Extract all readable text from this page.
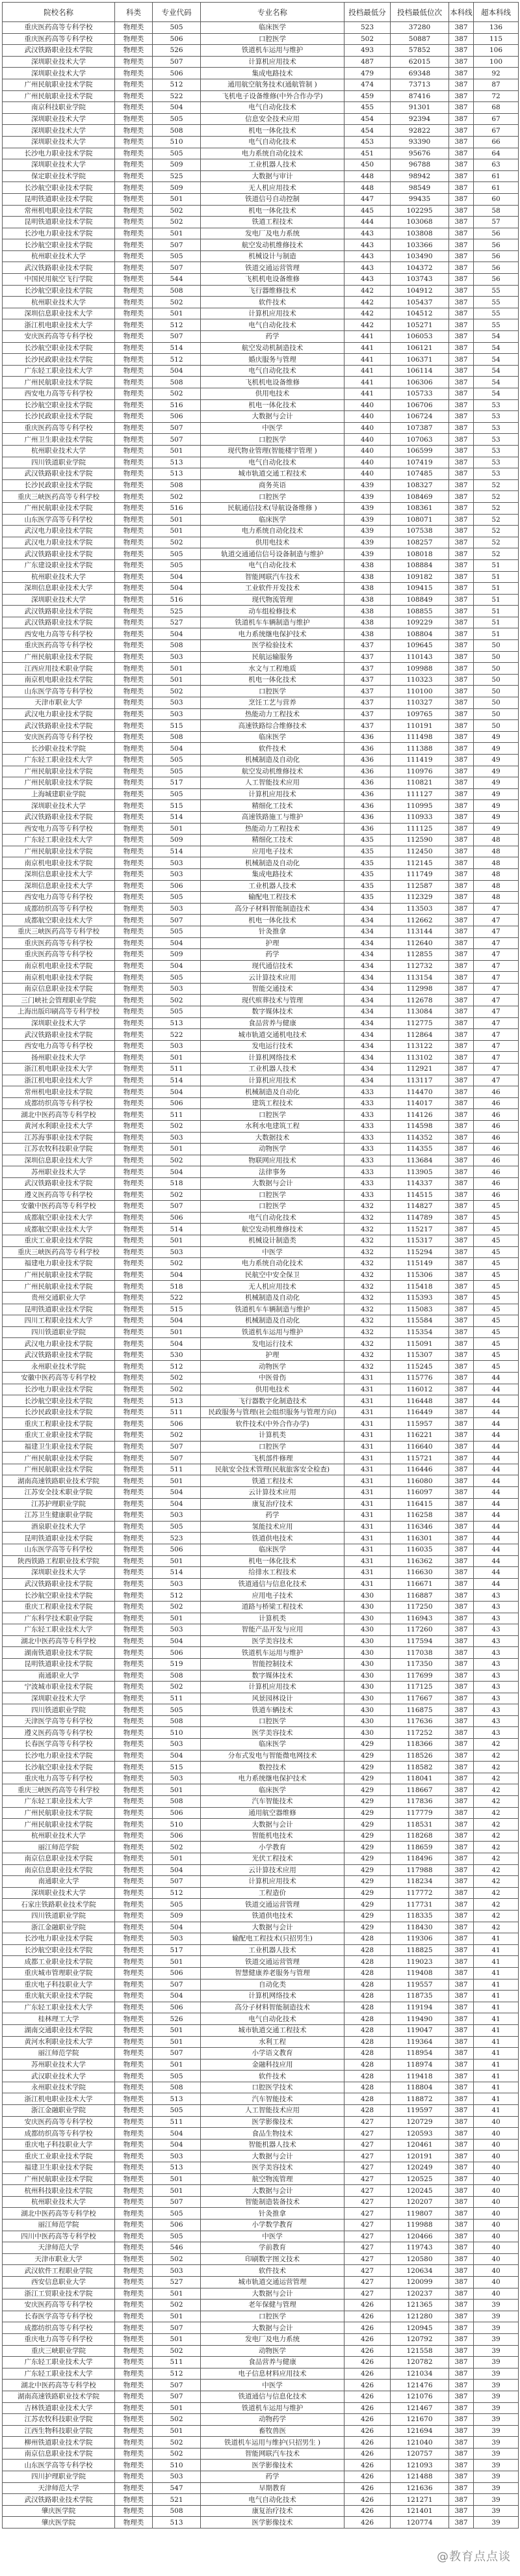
院校名称	科类	专业代码	专业名称	投档最低分	投档最低位次	本科线	超本科线
重庆医药高等专科学校	物理类	505	临床医学	523	37280	387	136
重庆医药高等专科学校	物理类	506	口腔医学	502	50887	387	115
武汉铁路职业技术学院	物理类	526	铁道机车运用与维护	493	57852	387	106
深圳职业技术大学	物理类	507	计算机应用技术	487	62015	387	100
深圳职业技术大学	物理类	506	集成电路技术	479	69348	387	92
广州民航职业技术学院	物理类	512	通用航空航务技术(通航管制 )	474	73713	387	87
广州民航职业技术学院	物理类	522	飞机电子设备维修(中外合作办学)	459	87416	387	72
南京科技职业学院	物理类	504	电气自动化技术	455	91301	387	68
深圳职业技术大学	物理类	505	信息安全技术应用	454	92394	387	67
深圳职业技术大学	物理类	508	机电一体化技术	454	92822	387	67
深圳职业技术大学	物理类	510	电气自动化技术	453	93390	387	66
长沙电力职业技术学院	物理类	505	电力系统自动化技术	451	95676	387	64
深圳职业技术大学	物理类	509	工业机器人技术	450	96788	387	63
保定职业技术学院	物理类	525	大数据与审计	448	98942	387	61
长沙航空职业技术学院	物理类	509	无人机应用技术	448	98549	387	61
昆明铁道职业技术学院	物理类	501	铁道信号自动控制	447	99435	387	60
常州机电职业技术学院	物理类	502	机电一体化技术	445	102295	387	58
昆明铁道职业技术学院	物理类	502	铁道工程技术	444	103068	387	57
长沙电力职业技术学院	物理类	501	发电厂及电力系统	443	103808	387	56
长沙航空职业技术学院	物理类	507	航空发动机维修技术	443	103366	387	56
杭州职业技术大学	物理类	505	机械设计与制造	443	103490	387	56
武汉铁路职业技术学院	物理类	507	铁道交通运营管理	443	104372	387	56
中国民用航空飞行学院	物理类	544	飞机机电设备维修	443	103743	387	56
长沙航空职业技术学院	物理类	508	飞行器维修技术	442	104912	387	55
杭州职业技术大学	物理类	502	软件技术	442	105437	387	55
深圳信息职业技术大学	物理类	501	计算机应用技术	442	104512	387	55
浙江机电职业技术大学	物理类	512	电气自动化技术	442	105271	387	55
安庆医药高等专科学校	物理类	507	药学	441	106053	387	54
长沙航空职业技术学院	物理类	514	航空发动机制造技术	441	106121	387	54
长沙民政职业技术学院	物理类	512	婚庆服务与管理	441	106371	387	54
广东轻工职业技术大学	物理类	504	电气自动化技术	441	106114	387	54
广州民航职业技术学院	物理类	508	飞机机电设备维修	441	106306	387	54
西安电力高等专科学校	物理类	502	供用电技术	441	105733	387	54
长沙航空职业技术学院	物理类	516	机电一体化技术	440	106706	387	53
长沙民政职业技术学院	物理类	506	大数据与会计	440	106724	387	53
重庆医药高等专科学校	物理类	507	中医学	440	107387	387	53
广州卫生职业技术学院	物理类	507	口腔医学	440	107063	387	53
杭州职业技术大学	物理类	501	现代物业管理(智能楼宇管理 )	440	106599	387	53
四川铁道职业学院	物理类	513	电气自动化技术	440	107419	387	53
武汉铁路职业技术学院	物理类	513	城市轨道交通工程技术	440	107485	387	53
长沙民政职业技术学院	物理类	508	商务英语	439	108327	387	52
重庆三峡医药高等专科学校	物理类	502	口腔医学	439	108469	387	52
广州民航职业技术学院	物理类	516	民航通信技术(导航设备维修 )	439	108361	387	52
山东医学高等专科学校	物理类	501	临床医学	439	108071	387	52
武汉电力职业技术学院	物理类	501	电力系统自动化技术	439	107538	387	52
武汉电力职业技术学院	物理类	502	供用电技术	439	108257	387	52
武汉铁路职业技术学院	物理类	505	轨道交通通信信号设备制造与维护	439	108018	387	52
广东建设职业技术学院	物理类	505	电气自动化技术	438	108884	387	51
杭州职业技术大学	物理类	504	智能网联汽车技术	438	109182	387	51
深圳信息职业技术大学	物理类	504	工业软件开发技术	438	109415	387	51
深圳职业技术大学	物理类	516	现代物流管理	438	108849	387	51
武汉铁路职业技术学院	物理类	525	动车组检修技术	438	108855	387	51
武汉铁路职业技术学院	物理类	527	铁道机车车辆制造与维护	438	109229	387	51
西安电力高等专科学校	物理类	504	电力系统继电保护技术	438	108804	387	51
重庆医药高等专科学校	物理类	508	医学检验技术	437	109645	387	50
广州民航职业技术学院	物理类	503	民航运输服务	437	110143	387	50
江西应用技术职业学院	物理类	501	水文与工程地质	437	109988	387	50
南京机电职业技术学院	物理类	501	机电一体化技术	437	110323	387	50
山东医学高等专科学校	物理类	502	口腔医学	437	110100	387	50
天津市职业大学	物理类	503	烹饪工艺与营养	437	110327	387	50
武汉电力职业技术学院	物理类	503	热能动力工程技术	437	109765	387	50
武汉铁路职业技术学院	物理类	515	高速铁路综合维修技术	437	110191	387	50
安庆医药高等专科学校	物理类	508	临床医学	436	111498	387	49
长沙职业技术学院	物理类	504	软件技术	436	111388	387	49
广东轻工职业技术大学	物理类	505	机械制造及自动化	436	111419	387	49
广州民航职业技术学院	物理类	505	航空发动机维修技术	436	110976	387	49
广州民航职业技术学院	物理类	517	人工智能技术应用	436	110821	387	49
上海城建职业学院	物理类	505	计算机应用技术	436	111127	387	49
深圳职业技术大学	物理类	515	精细化工技术	436	110995	387	49
武汉铁路职业技术学院	物理类	514	高速铁路施工与维护	436	110933	387	49
西安电力高等专科学校	物理类	501	热能动力工程技术	436	111125	387	49
广东轻工职业技术大学	物理类	509	精细化工技术	435	112590	387	48
广州民航职业技术学院	物理类	514	应用电子技术	435	112450	387	48
南京机电职业技术学院	物理类	503	机械制造及自动化	435	112145	387	48
深圳信息职业技术大学	物理类	503	集成电路技术	435	111749	387	48
深圳信息职业技术大学	物理类	506	工业机器人技术	435	112587	387	48
西安电力高等专科学校	物理类	505	输配电工程技术	435	112329	387	48
成都纺织高等专科学校	物理类	503	高分子材料智能制造技术	434	113503	387	47
成都航空职业技术大学	物理类	507	机电一体化技术	434	112662	387	47
重庆三峡医药高等专科学校	物理类	505	针灸推拿	434	113144	387	47
重庆医药高等专科学校	物理类	504	护理	434	112640	387	47
重庆医药高等专科学校	物理类	509	药学	434	112855	387	47
南京机电职业技术学院	物理类	504	现代通信技术	434	112732	387	47
南京机电职业技术学院	物理类	505	云计算技术应用	434	113154	387	47
南京信息职业技术学院	物理类	503	智能交通技术	434	112998	387	47
三门峡社会管理职业学院	物理类	502	现代殡葬技术与管理	434	112678	387	47
上海出版印刷高等专科学校	物理类	505	数字媒体技术	434	113084	387	47
深圳职业技术大学	物理类	513	食品营养与健康	434	112775	387	47
武汉铁路职业技术学院	物理类	522	城市轨道交通机电技术	434	112864	387	47
西安电力高等专科学校	物理类	503	发电运行技术	434	113122	387	47
扬州职业技术大学	物理类	501	计算机网络技术	434	113102	387	47
浙江机电职业技术大学	物理类	511	工业机器人技术	434	112921	387	47
浙江机电职业技术大学	物理类	514	计算机应用技术	434	113117	387	47
常州机电职业技术学院	物理类	504	机械制造及自动化	433	114470	387	46
成都纺织高等专科学校	物理类	506	建筑工程技术	433	114017	387	46
湖北中医药高等专科学校	物理类	511	口腔医学	433	114126	387	46
黄河水利职业技术大学	物理类	502	水利水电建筑工程	433	114598	387	46
江苏海事职业技术学院	物理类	503	大数据技术	433	114352	387	46
江苏农牧科技职业学院	物理类	501	动物医学	433	114355	387	46
深圳信息职业技术大学	物理类	502	物联网应用技术	433	113684	387	46
苏州职业技术大学	物理类	504	法律事务	433	113905	387	46
武汉铁路职业技术学院	物理类	518	大数据与会计	433	114337	387	46
遵义医药高等专科学校	物理类	502	口腔医学	433	114515	387	46
安徽中医药高等专科学校	物理类	507	口腔医学	432	114827	387	45
成都航空职业技术大学	物理类	506	电气自动化技术	432	114789	387	45
成都航空职业技术大学	物理类	514	航空发动机维修技术	432	115217	387	45
重庆工业职业技术学院	物理类	501	机械设计制造类	432	115317	387	45
重庆三峡医药高等专科学校	物理类	503	中医学	432	115294	387	45
福建电力职业技术学院	物理类	502	电力系统自动化技术	432	115149	387	45
广州民航职业技术学院	物理类	504	民航空中安全保卫	432	115306	387	45
广州民航职业技术学院	物理类	518	无人机应用技术	432	115418	387	45
贵州交通职业大学	物理类	522	机械制造及自动化	432	115393	387	45
昆明铁道职业技术学院	物理类	515	铁道机车车辆制造与维护	432	115083	387	45
四川工程职业技术大学	物理类	504	机械制造及自动化	432	115584	387	45
四川铁道职业学院	物理类	501	铁道机车运用与维护	432	115354	387	45
武汉电力职业技术学院	物理类	504	发电运行技术	432	115091	387	45
武汉铁路职业技术学院	物理类	530	护理	432	115307	387	45
永州职业技术学院	物理类	512	动物医学	432	115245	387	45
安徽中医药高等专科学校	物理类	502	中医骨伤	431	115776	387	44
长沙电力职业技术学院	物理类	502	供用电技术	431	116012	387	44
长沙航空职业技术学院	物理类	513	飞行器数字化制造技术	431	116448	387	44
长沙民政职业技术学院	物理类	511	民政服务与管理(社会组织服务与管理方向)	431	116449	387	44
重庆工程职业技术学院	物理类	506	软件技术(中外合作办学)	431	115957	387	44
重庆工业职业技术学院	物理类	502	计算机类	431	116221	387	44
福建卫生职业技术学院	物理类	507	口腔医学	431	116640	387	44
广州民航职业技术学院	物理类	507	飞机部件修理	431	115721	387	44
广州民航职业技术学院	物理类	511	民航安全技术管理(民航旅客安全检查)	431	116446	387	44
湖南高速铁路职业技术学院	物理类	501	铁道工程技术	431	116080	387	44
江苏安全技术职业学院	物理类	504	云计算技术应用	431	116097	387	44
江苏护理职业学院	物理类	504	康复治疗技术	431	116415	387	44
江苏卫生健康职业学院	物理类	503	药学	431	116258	387	44
酒泉职业技术大学	物理类	505	氢能技术应用	431	116346	387	44
昆明铁道职业技术学院	物理类	523	铁道供电技术	431	116301	387	44
山东医学高等专科学校	物理类	506	临床医学	431	116035	387	44
陕西铁路工程职业技术学院	物理类	501	机电一体化技术	431	116362	387	44
深圳职业技术大学	物理类	514	给排水工程技术	431	116630	387	44
武汉铁路职业技术学院	物理类	503	铁道通信与信息化技术	431	116671	387	44
长沙航空职业技术学院	物理类	512	应用电子技术	430	116887	387	43
重庆工程职业技术学院	物理类	502	道路与桥梁工程技术	430	117250	387	43
广东科学技术职业学院	物理类	501	计算机类	430	116943	387	43
广东轻工职业技术大学	物理类	503	智能产品开发与应用	430	117260	387	43
湖北中医药高等专科学校	物理类	504	医学美容技术	430	117594	387	43
湖南铁道职业技术学院	物理类	506	铁道机车运用与维护	430	117038	387	43
昆明铁道职业技术学院	物理类	519	智能控制技术	430	117350	387	43
南通职业大学	物理类	508	数字媒体技术	430	117699	387	43
宁波城市职业技术学院	物理类	502	计算机应用技术	430	117125	387	43
深圳职业技术大学	物理类	511	风景园林设计	430	117667	387	43
四川铁道职业学院	物理类	505	铁道车辆技术	430	116875	387	43
天津医学高等专科学校	物理类	508	口腔医学	430	117636	387	43
遵义医药高等专科学校	物理类	510	医学美容技术	430	117252	387	43
长春医学高等专科学校	物理类	503	临床医学	429	118366	387	42
长沙电力职业技术学院	物理类	504	分布式发电与智能微电网技术	429	118526	387	42
长沙航空职业技术学院	物理类	515	数控技术	429	118582	387	42
重庆电力高等专科学校	物理类	503	电力系统继电保护技术	429	118041	387	42
重庆三峡医药高等专科学校	物理类	501	临床医学	429	118667	387	42
广东轻工职业技术大学	物理类	508	汽车智能技术	429	117836	387	42
广州民航职业技术学院	物理类	506	通用航空器维修	429	117779	387	42
广州民航职业技术学院	物理类	510	大数据与会计	429	118531	387	42
杭州职业技术大学	物理类	506	智能机电技术	429	118268	387	42
丽江师范学院	物理类	502	小学教育	429	118659	387	42
南京信息职业技术学院	物理类	501	光伏工程技术	429	118496	387	42
南京信息职业技术学院	物理类	504	云计算技术应用	429	117988	387	42
南通职业大学	物理类	507	计算机应用技术	429	118234	387	42
深圳职业技术大学	物理类	512	工程造价	429	117772	387	42
石家庄铁路职业技术学院	物理类	505	铁道交通运营管理	429	117731	387	42
四川铁道职业学院	物理类	509	铁道供电技术	429	118335	387	42
浙江金融职业学院	物理类	504	大数据与会计	429	118430	387	42
长沙电力职业技术学院	物理类	503	输配电工程技术(只招男生)	428	119306	387	41
长沙航空职业技术学院	物理类	517	工业机器人技术	428	118825	387	41
成都工业职业技术学院	物理类	501	铁道交通运营管理	428	119023	387	41
重庆城市管理职业学院	物理类	506	智慧健康养老服务与管理	428	119408	387	41
重庆电子科技职业大学	物理类	507	自动化类	428	119557	387	41
重庆航天职业技术学院	物理类	504	计算机网络技术	428	118735	387	41
广东轻工职业技术大学	物理类	506	高分子材料智能制造技术	428	119194	387	41
桂林理工大学	物理类	526	电气自动化技术	428	119490	387	41
湖南交通职业技术学院	物理类	501	城市轨道交通工程技术	428	119047	387	41
黄河水利职业技术大学	物理类	501	水利工程	428	119364	387	41
丽江师范学院	物理类	507	小学语文教育	428	118954	387	41
苏州职业技术大学	物理类	501	金融科技应用	428	118974	387	41
武汉职业技术大学	物理类	505	软件技术	428	119418	387	41
永州职业技术学院	物理类	508	口腔医学技术	428	118804	387	41
浙江机电职业技术大学	物理类	513	汽车智能技术	428	118872	387	41
浙江金融职业学院	物理类	505	人工智能技术应用	428	119597	387	41
安庆医药高等专科学校	物理类	511	医学影像技术	427	120729	387	40
成都纺织高等专科学校	物理类	504	食品生物技术	427	120593	387	40
重庆电子科技职业大学	物理类	504	智能机器人技术	427	120461	387	40
重庆工业职业技术学院	物理类	503	大数据与会计	427	120191	387	40
福建卫生职业技术学院	物理类	513	医学美容技术	427	120249	387	40
广州民航职业技术学院	物理类	501	航空物流管理	427	120525	387	40
杭州科技职业技术学院	物理类	501	大数据与会计	427	120245	387	40
杭州职业技术大学	物理类	507	智能制造装备技术	427	120207	387	40
湖北中医药高等专科学校	物理类	505	针灸推拿	427	119807	387	40
丽江师范学院	物理类	506	小学数学教育	427	119988	387	40
四川中医药高等专科学校	物理类	505	中医学	427	120466	387	40
天津师范大学	物理类	546	学前教育	427	119743	387	40
天津市职业大学	物理类	502	印刷数字图文技术	427	120580	387	40
武汉软件工程职业学院	物理类	503	软件技术	427	120634	387	40
西安信息职业大学	物理类	527	城市轨道交通运营管理	427	120099	387	40
浙江工贸职业技术学院	物理类	501	大数据与会计	427	120237	387	40
安庆医药高等专科学校	物理类	502	老年保健与管理	426	121365	387	39
长春医学高等专科学校	物理类	501	口腔医学	426	121280	387	39
成都纺织高等专科学校	物理类	507	大数据与会计	426	120945	387	39
重庆电力高等专科学校	物理类	501	发电厂及电力系统	426	120792	387	39
重庆三峡职业学院	物理类	502	动物医学	426	121558	387	39
广东轻工职业技术大学	物理类	511	食品营养与健康	426	120782	387	39
广东轻工职业技术大学	物理类	512	电子信息材料应用技术	426	121034	387	39
湖北中医药高等专科学校	物理类	507	中医学	426	121476	387	39
湖南高速铁路职业技术学院	物理类	507	铁道通信与信息化技术	426	121076	387	39
吉林铁道职业技术大学	物理类	501	铁道机车运用与维护	426	121467	387	39
江苏农牧科技职业学院	物理类	502	动物药学	426	121670	387	39
江西生物科技职业学院	物理类	501	畜牧兽医	426	121694	387	39
柳州铁道职业技术学院	物理类	502	铁道机车运用与维护(只招男生 )	426	121040	387	39
南京信息职业技术学院	物理类	502	智能网联汽车技术	426	120757	387	39
山东医学高等专科学校	物理类	510	医学影像技术	426	121093	387	39
四川护理职业学院	物理类	503	药学	426	121488	387	39
天津师范大学	物理类	547	早期教育	426	121636	387	39
武汉铁路职业技术学院	物理类	521	电气自动化技术	426	121271	387	39
肇庆医学院	物理类	508	康复治疗技术	426	121401	387	39
肇庆医学院	物理类	513	医学影像技术	426	120774	387	39
@教育点点谈
